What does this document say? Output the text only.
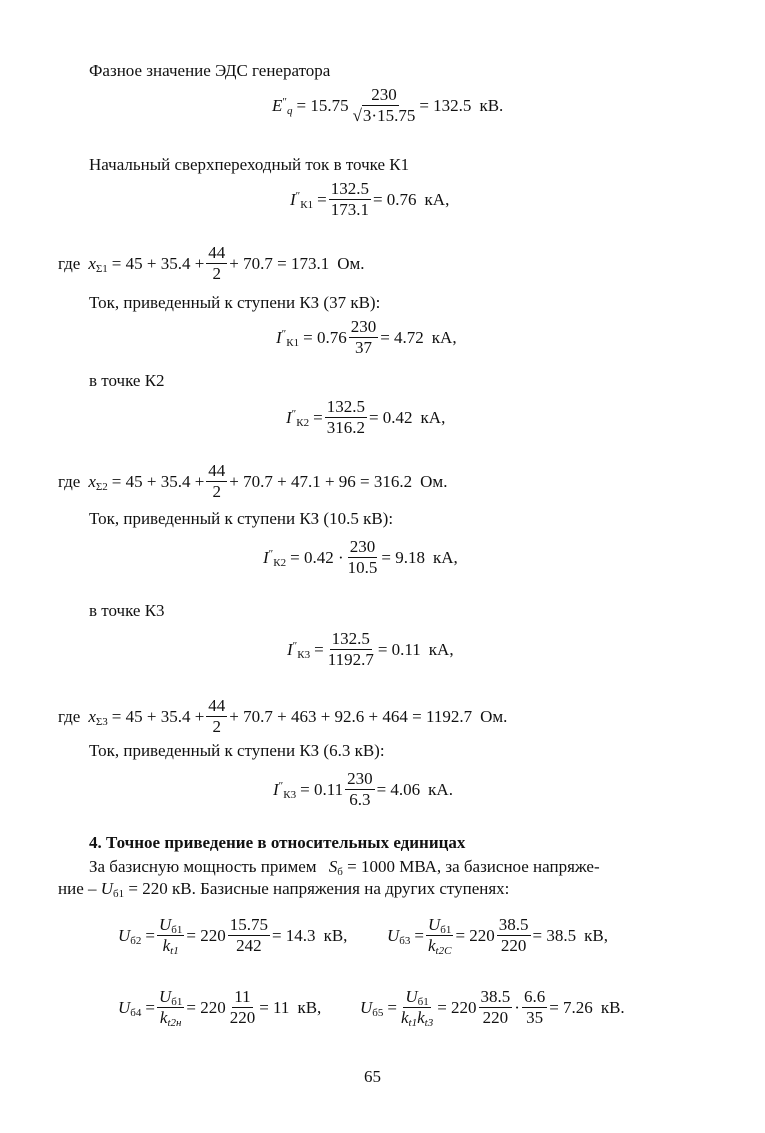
Фазное значение ЭДС генератора
$E''_q = 15.75 \frac{230}{√3\cdot 15.75} = 132.5$ кВ.
Начальный сверхпереходный ток в точке К1
$I''_{К1} = \frac{132.5}{173.1} = 0.76$ кА,
где $x_{\Sigma 1} = 45 + 35.4 + \frac{44}{2} + 70.7 = 173.1$ Ом.
Ток, приведенный к ступени КЗ (37 кВ):
$I''_{К1} = 0.76 \frac{230}{37} = 4.72$ кА,
в точке К2
$I''_{К2} = \frac{132.5}{316.2} = 0.42$ кА,
где $x_{\Sigma 2} = 45 + 35.4 + \frac{44}{2} + 70.7 + 47.1 + 96 = 316.2$ Ом.
Ток, приведенный к ступени КЗ (10.5 кВ):
$I''_{К2} = 0.42 \cdot \frac{230}{10.5} = 9.18$ кА,
в точке К3
$I''_{К3} = \frac{132.5}{1192.7} = 0.11$ кА,
где $x_{\Sigma 3} = 45 + 35.4 + \frac{44}{2} + 70.7 + 463 + 92.6 + 464 = 1192.7$ Ом.
Ток, приведенный к ступени КЗ (6.3 кВ):
$I''_{К3} = 0.11 \frac{230}{6.3} = 4.06$ кА.
4. Точное приведение в относительных единицах
За базисную мощность примем $S_б = 1000$ МВА, за базисное напряже-
ние – $U_{б1} = 220$ кВ. Базисные напряжения на других ступенях:
$U_{б2} = \frac{U_{б1}}{k_{t1}} = 220 \frac{15.75}{242} = 14.3$ кВ, $U_{б3} = \frac{U_{б1}}{k_{t2С}} = 220 \frac{38.5}{220} = 38.5$ кВ,
$U_{б4} = \frac{U_{б1}}{k_{t2н}} = 220 \frac{11}{220} = 11$ кВ, $U_{б5} = \frac{U_{б1}}{k_{t1}k_{t3}} = 220 \frac{38.5}{220} \cdot \frac{6.6}{35} = 7.26$ кВ.
65
